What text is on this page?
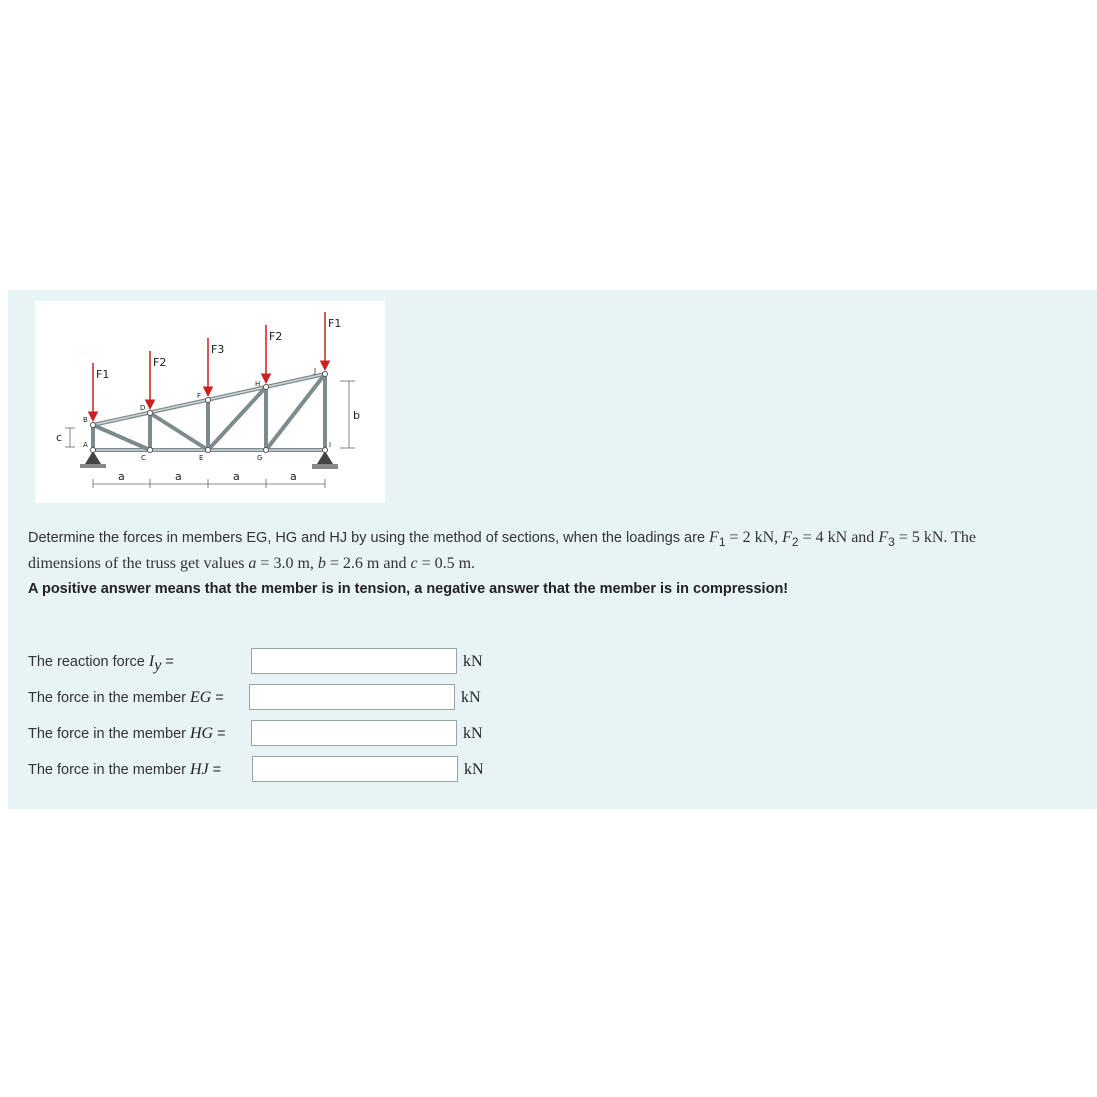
F1
F2
F3
F2
F1
A
B
C
D
E
F
G
H
I
J
a	a	a	a
b
c
Determine the forces in members EG, HG and HJ by using the method of sections, when the loadings are $F_1 = 2$ kN, $F_2 = 4$ kN and $F_3 = 5$ kN. The dimensions of the truss get values a = 3.0 m, b = 2.6 m and c = 0.5 m.
A positive answer means that the member is in tension, a negative answer that the member is in compression!
The reaction force $I_y$ =	kN
The force in the member EG =	kN
The force in the member HG =	kN
The force in the member HJ =	kN
